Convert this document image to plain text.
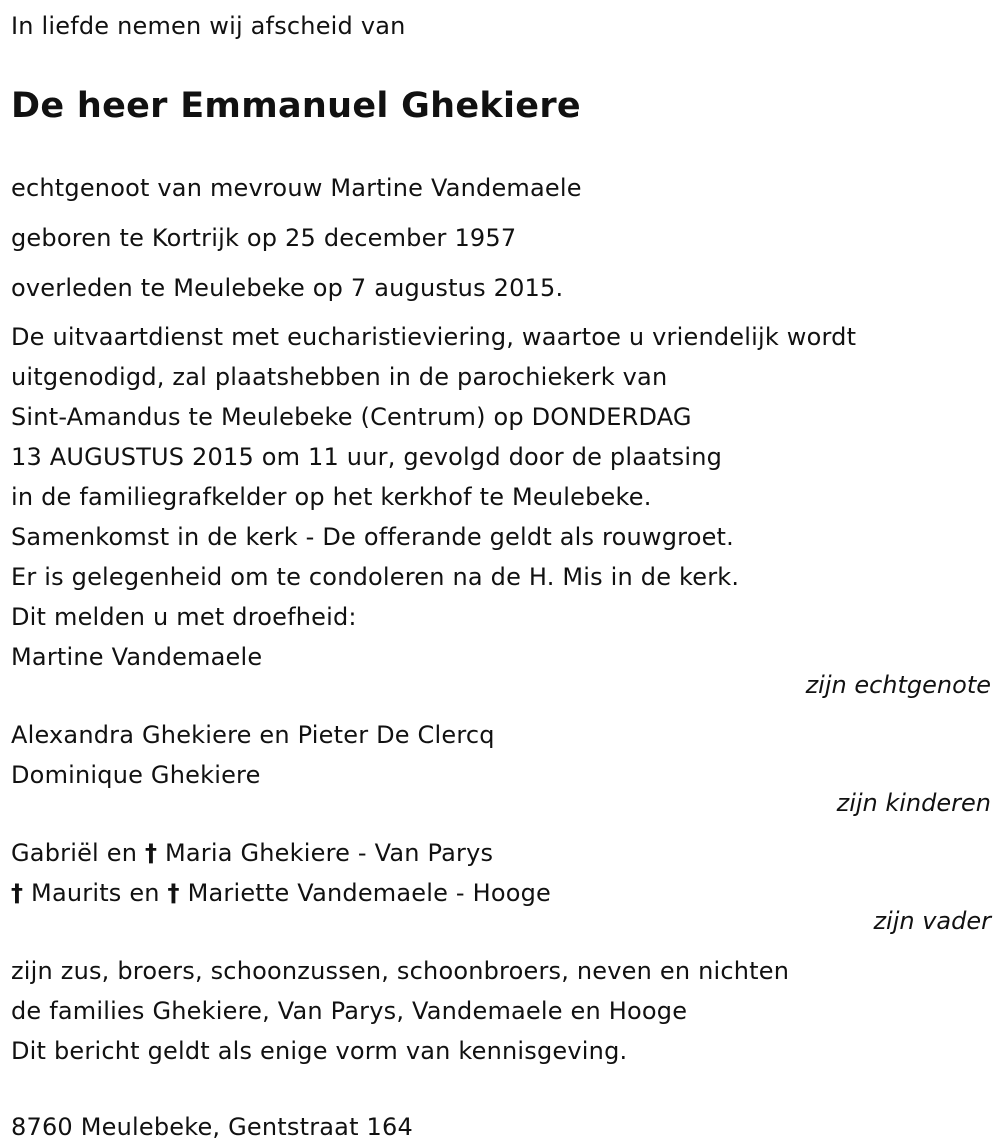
In liefde nemen wij afscheid van
De heer Emmanuel Ghekiere
echtgenoot van mevrouw Martine Vandemaele
geboren te Kortrijk op 25 december 1957
overleden te Meulebeke op 7 augustus 2015.
De uitvaartdienst met eucharistieviering, waartoe u vriendelijk wordt
uitgenodigd, zal plaatshebben in de parochiekerk van
Sint-Amandus te Meulebeke (Centrum) op DONDERDAG
13 AUGUSTUS 2015 om 11 uur, gevolgd door de plaatsing
in de familiegrafkelder op het kerkhof te Meulebeke.
Samenkomst in de kerk - De offerande geldt als rouwgroet.
Er is gelegenheid om te condoleren na de H. Mis in de kerk.
Dit melden u met droefheid:
Martine Vandemaele
zijn echtgenote
Alexandra Ghekiere en Pieter De Clercq
Dominique Ghekiere
zijn kinderen
Gabriël en † Maria Ghekiere - Van Parys
† Maurits en † Mariette Vandemaele - Hooge
zijn vader
zijn zus, broers, schoonzussen, schoonbroers, neven en nichten
de families Ghekiere, Van Parys, Vandemaele en Hooge
Dit bericht geldt als enige vorm van kennisgeving.
8760 Meulebeke, Gentstraat 164
